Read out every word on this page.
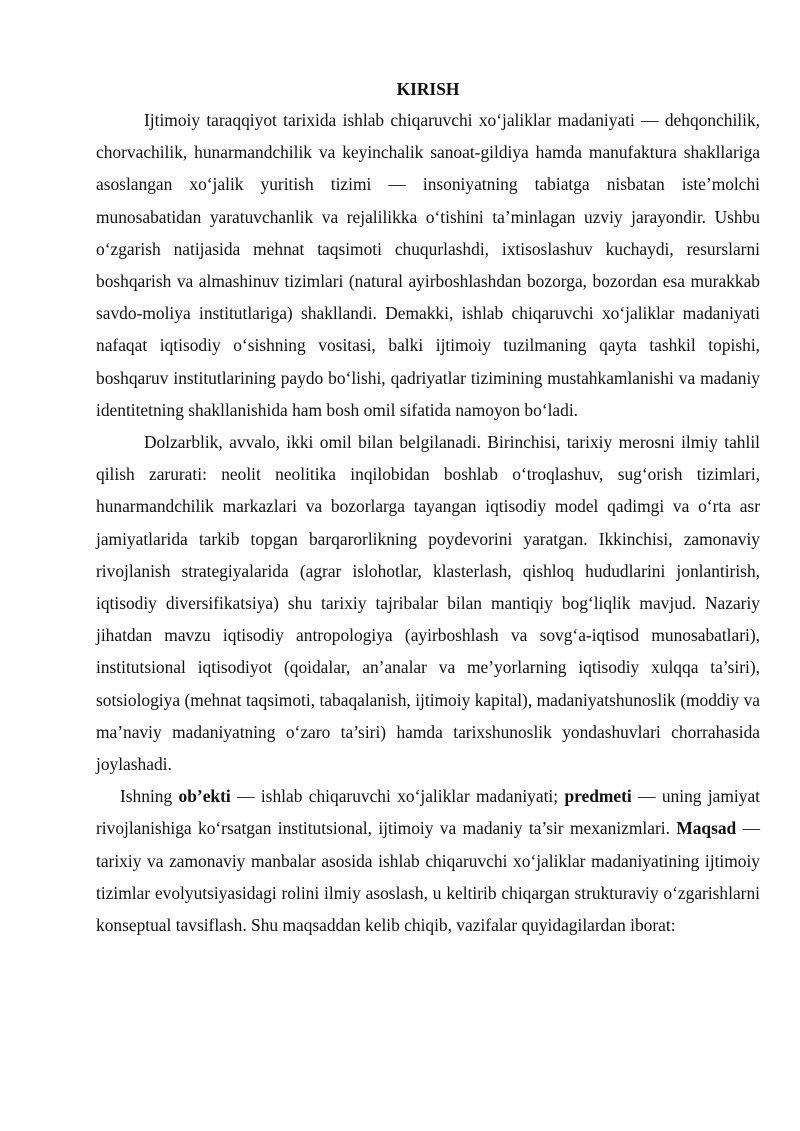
KIRISH

Ijtimoiy taraqqiyot tarixida ishlab chiqaruvchi xo‘jaliklar madaniyati — dehqonchilik, chorvachilik, hunarmandchilik va keyinchalik sanoat-gildiya hamda manufaktura shakllariga asoslangan xo‘jalik yuritish tizimi — insoniyatning tabiatga nisbatan iste’molchi munosabatidan yaratuvchanlik va rejalilikka o‘tishini ta’minlagan uzviy jarayondir. Ushbu o‘zgarish natijasida mehnat taqsimoti chuqurlashdi, ixtisoslashuv kuchaydi, resurslarni boshqarish va almashinuv tizimlari (natural ayirboshlashdan bozorga, bozordan esa murakkab savdo-moliya institutlariga) shakllandi. Demakki, ishlab chiqaruvchi xo‘jaliklar madaniyati nafaqat iqtisodiy o‘sishning vositasi, balki ijtimoiy tuzilmaning qayta tashkil topishi, boshqaruv institutlarining paydo bo‘lishi, qadriyatlar tizimining mustahkamlanishi va madaniy identitetning shakllanishida ham bosh omil sifatida namoyon bo‘ladi.

Dolzarblik, avvalo, ikki omil bilan belgilanadi. Birinchisi, tarixiy merosni ilmiy tahlil qilish zarurati: neolit neolitika inqilobidan boshlab o‘troqlashuv, sug‘orish tizimlari, hunarmandchilik markazlari va bozorlarga tayangan iqtisodiy model qadimgi va o‘rta asr jamiyatlarida tarkib topgan barqarorlikning poydevorini yaratgan. Ikkinchisi, zamonaviy rivojlanish strategiyalarida (agrar islohotlar, klasterlash, qishloq hududlarini jonlantirish, iqtisodiy diversifikatsiya) shu tarixiy tajribalar bilan mantiqiy bog‘liqlik mavjud. Nazariy jihatdan mavzu iqtisodiy antropologiya (ayirboshlash va sovg‘a-iqtisod munosabatlari), institutsional iqtisodiyot (qoidalar, an’analar va me’yorlarning iqtisodiy xulqqa ta’siri), sotsiologiya (mehnat taqsimoti, tabaqalanish, ijtimoiy kapital), madaniyatshunoslik (moddiy va ma’naviy madaniyatning o‘zaro ta’siri) hamda tarixshunoslik yondashuvlari chorrahasida joylashadi.

Ishning ob’ekti — ishlab chiqaruvchi xo‘jaliklar madaniyati; predmeti — uning jamiyat rivojlanishiga ko‘rsatgan institutsional, ijtimoiy va madaniy ta’sir mexanizmlari. Maqsad — tarixiy va zamonaviy manbalar asosida ishlab chiqaruvchi xo‘jaliklar madaniyatining ijtimoiy tizimlar evolyutsiyasidagi rolini ilmiy asoslash, u keltirib chiqargan strukturaviy o‘zgarishlarni konseptual tavsiflash. Shu maqsaddan kelib chiqib, vazifalar quyidagilardan iborat:
